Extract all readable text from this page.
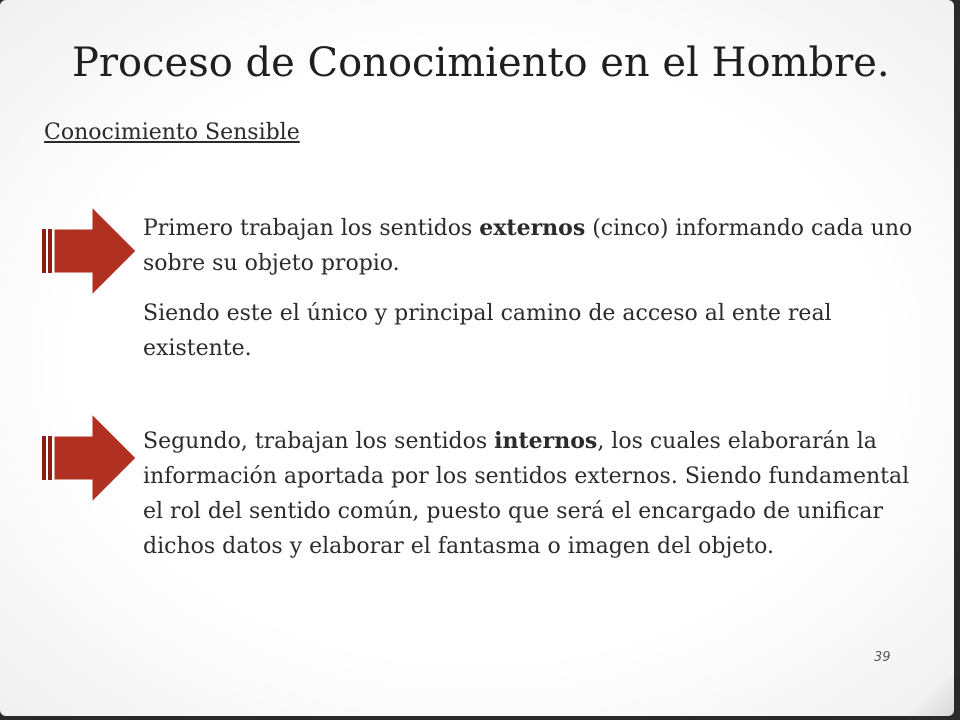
Proceso de Conocimiento en el Hombre.
Conocimiento Sensible
Primero trabajan los sentidos externos (cinco) informando cada uno sobre su objeto propio.
Siendo este el único y principal camino de acceso al ente real existente.
Segundo, trabajan los sentidos internos, los cuales elaborarán la información aportada por los sentidos externos. Siendo fundamental el rol del sentido común, puesto que será el encargado de unificar dichos datos y elaborar el fantasma o imagen del objeto.
39
